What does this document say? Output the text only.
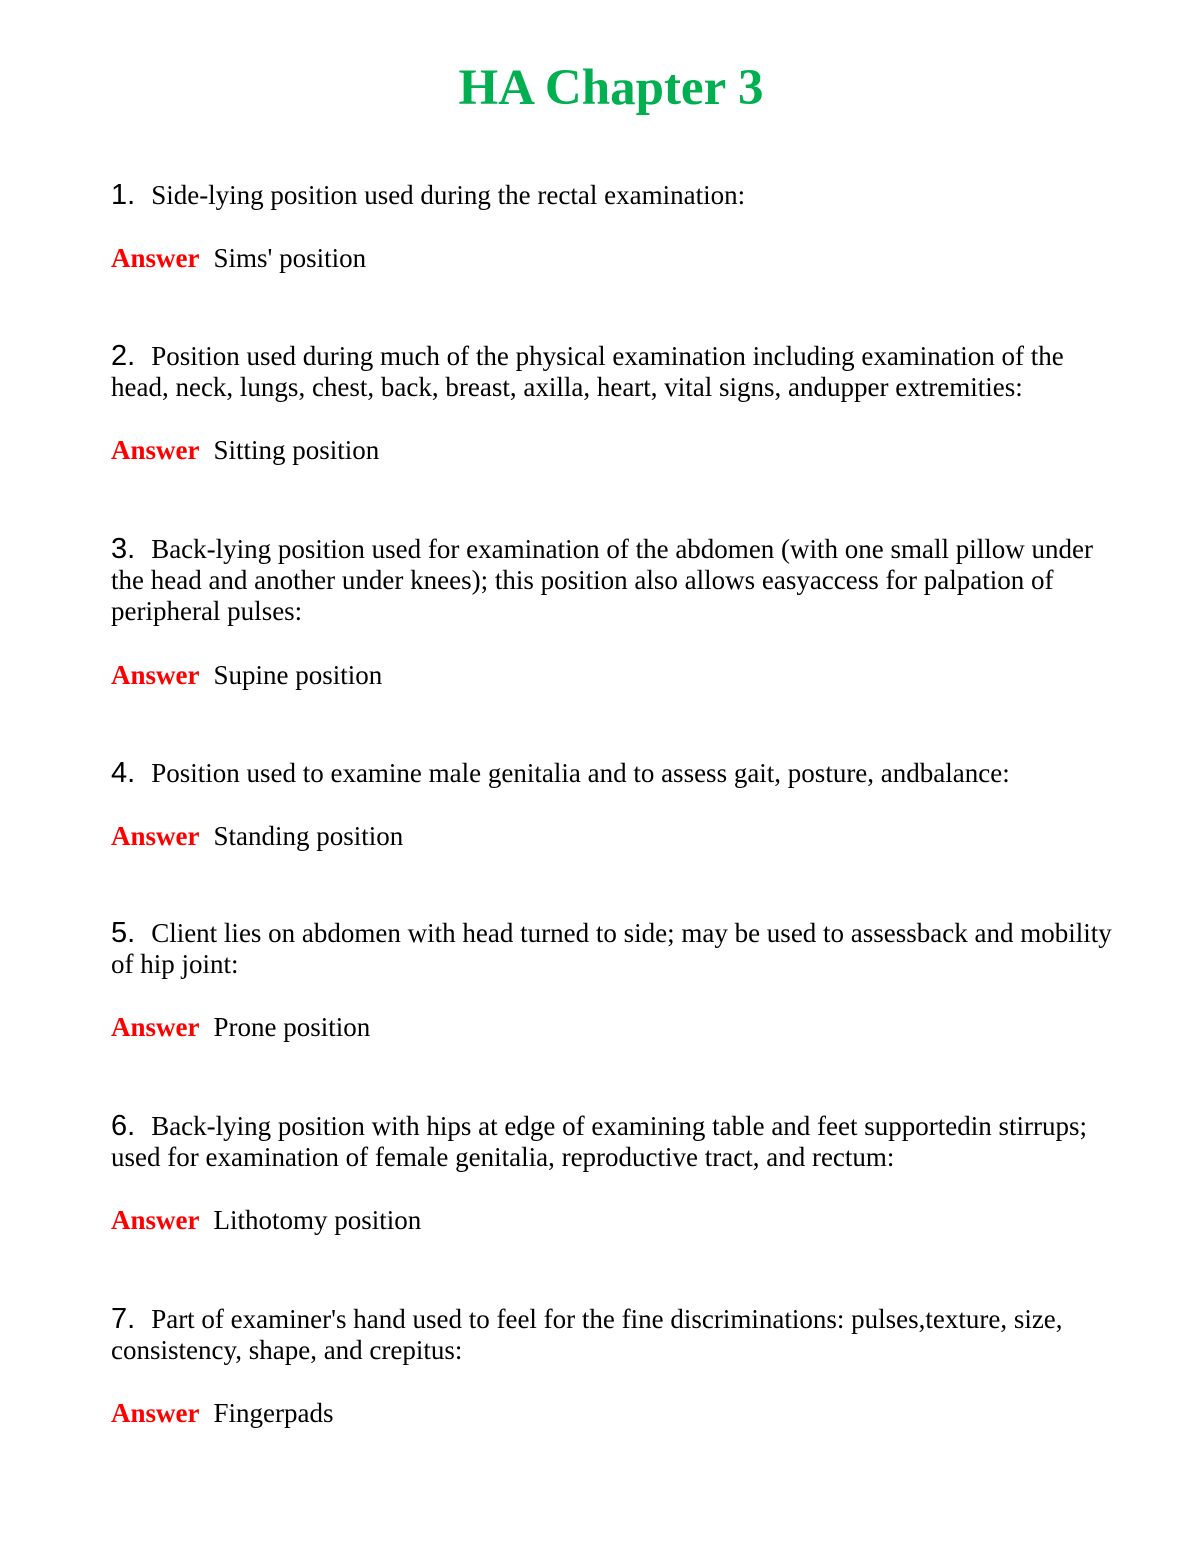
HA Chapter 3

1. Side-lying position used during the rectal examination:

Answer Sims' position

2. Position used during much of the physical examination including examination of the head, neck, lungs, chest, back, breast, axilla, heart, vital signs, andupper extremities:

Answer Sitting position

3. Back-lying position used for examination of the abdomen (with one small pillow under the head and another under knees); this position also allows easyaccess for palpation of peripheral pulses:

Answer Supine position

4. Position used to examine male genitalia and to assess gait, posture, andbalance:

Answer Standing position

5. Client lies on abdomen with head turned to side; may be used to assessback and mobility of hip joint:

Answer Prone position

6. Back-lying position with hips at edge of examining table and feet supportedin stirrups; used for examination of female genitalia, reproductive tract, and rectum:

Answer Lithotomy position

7. Part of examiner's hand used to feel for the fine discriminations: pulses,texture, size, consistency, shape, and crepitus:

Answer Fingerpads
